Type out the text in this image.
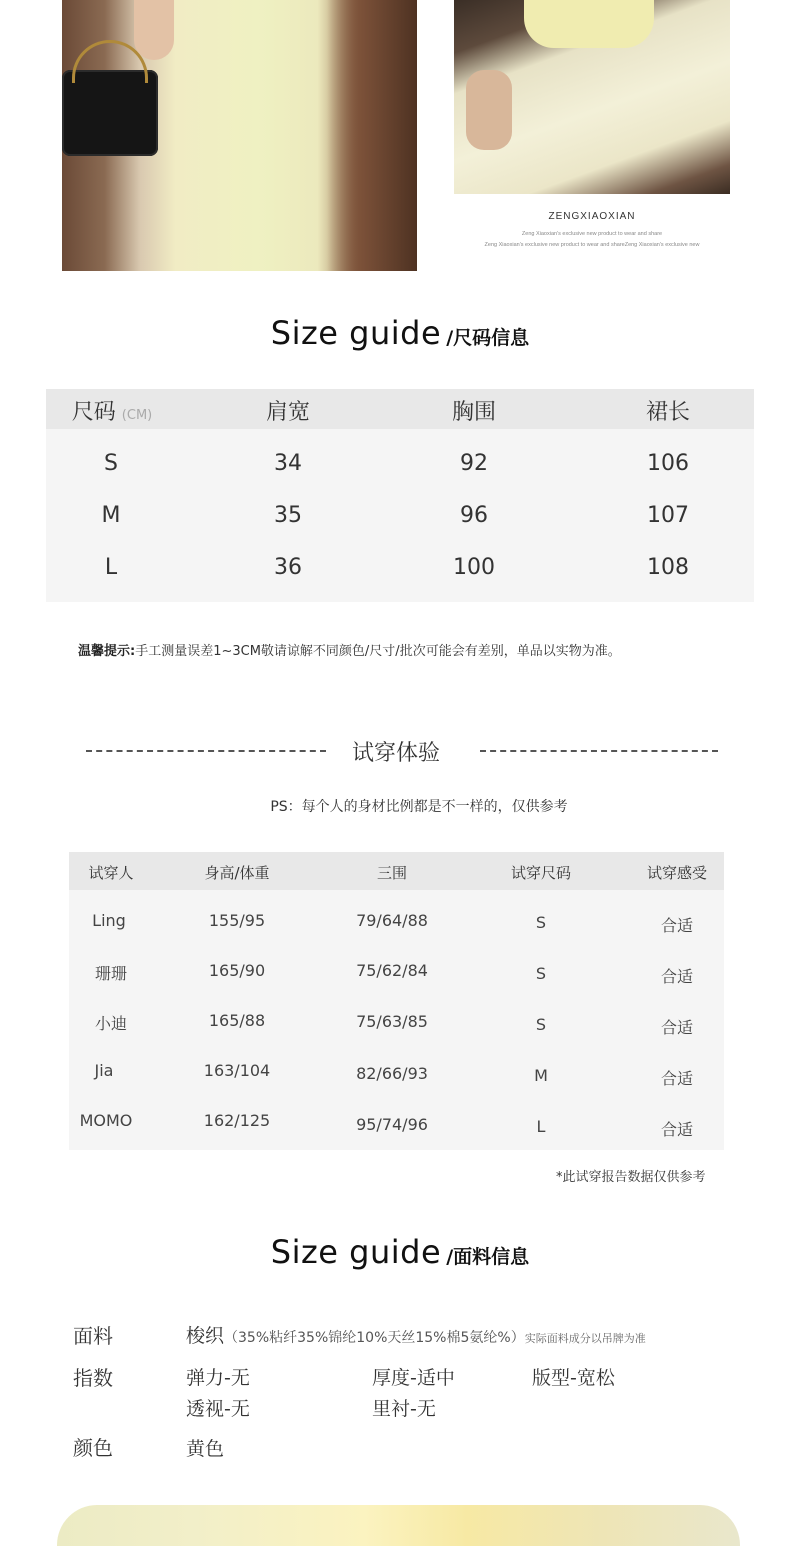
ZENGXIAOXIAN
Zeng Xiaoxian's exclusive new product to wear and share
Zeng Xiaoxian's exclusive new product to wear and shareZeng Xiaoxian's exclusive new
Size guide /尺码信息
尺码 (CM)	肩宽	胸围	裙长
S	34	92	106
M	35	96	107
L	36	100	108
温馨提示:手工测量误差1~3CM敬请谅解不同颜色/尺寸/批次可能会有差别，单品以实物为准。
试穿体验
PS：每个人的身材比例都是不一样的，仅供参考
试穿人	身高/体重	三围	试穿尺码	试穿感受
Ling	155/95	79/64/88	S	合适
珊珊	165/90	75/62/84	S	合适
小迪	165/88	75/63/85	S	合适
Jia	163/104	82/66/93	M	合适
MOMO	162/125	95/74/96	L	合适
*此试穿报告数据仅供参考
Size guide /面料信息
面料	梭织（35%粘纤35%锦纶10%天丝15%棉5氨纶%）实际面料成分以吊牌为准
指数	弹力-无	厚度-适中	版型-宽松
透视-无	里衬-无
颜色	黄色
